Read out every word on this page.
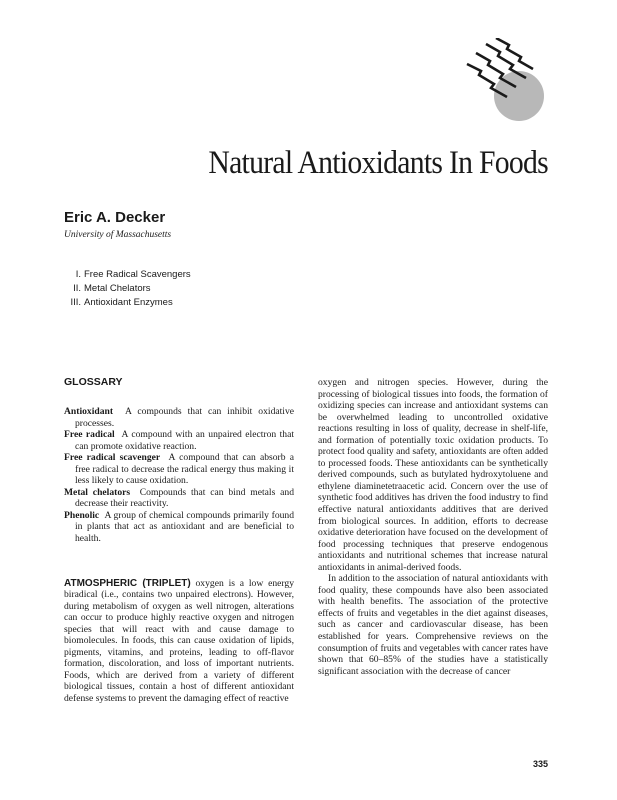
Natural Antioxidants In Foods
Eric A. Decker
University of Massachusetts
I. Free Radical Scavengers
II. Metal Chelators
III. Antioxidant Enzymes
GLOSSARY

Antioxidant A compounds that can inhibit oxidative processes.

Free radical A compound with an unpaired electron that can promote oxidative reaction.

Free radical scavenger A compound that can absorb a free radical to decrease the radical energy thus making it less likely to cause oxidation.

Metal chelators Compounds that can bind metals and decrease their reactivity.

Phenolic A group of chemical compounds primarily found in plants that act as antioxidant and are beneficial to health.

ATMOSPHERIC (TRIPLET) oxygen is a low energy biradical (i.e., contains two unpaired electrons). However, during metabolism of oxygen as well nitrogen, alterations can occur to produce highly reactive oxygen and nitrogen species that will react with and cause damage to biomolecules. In foods, this can cause oxidation of lipids, pigments, vitamins, and proteins, leading to off-flavor formation, discoloration, and loss of important nutrients. Foods, which are derived from a variety of different biological tissues, contain a host of different antioxidant defense systems to prevent the damaging effect of reactive

oxygen and nitrogen species. However, during the processing of biological tissues into foods, the formation of oxidizing species can increase and antioxidant systems can be overwhelmed leading to uncontrolled oxidative reactions resulting in loss of quality, decrease in shelf-life, and formation of potentially toxic oxidation products. To protect food quality and safety, antioxidants are often added to processed foods. These antioxidants can be synthetically derived compounds, such as butylated hydroxytoluene and ethylene diaminetetraacetic acid. Concern over the use of synthetic food additives has driven the food industry to find effective natural antioxidants additives that are derived from biological sources. In addition, efforts to decrease oxidative deterioration have focused on the development of food processing techniques that preserve endogenous antioxidants and nutritional schemes that increase natural antioxidants in animal-derived foods.

In addition to the association of natural antioxidants with food quality, these compounds have also been associated with health benefits. The association of the protective effects of fruits and vegetables in the diet against diseases, such as cancer and cardiovascular disease, has been established for years. Comprehensive reviews on the consumption of fruits and vegetables with cancer rates have shown that 60–85% of the studies have a statistically significant association with the decrease of cancer

335
